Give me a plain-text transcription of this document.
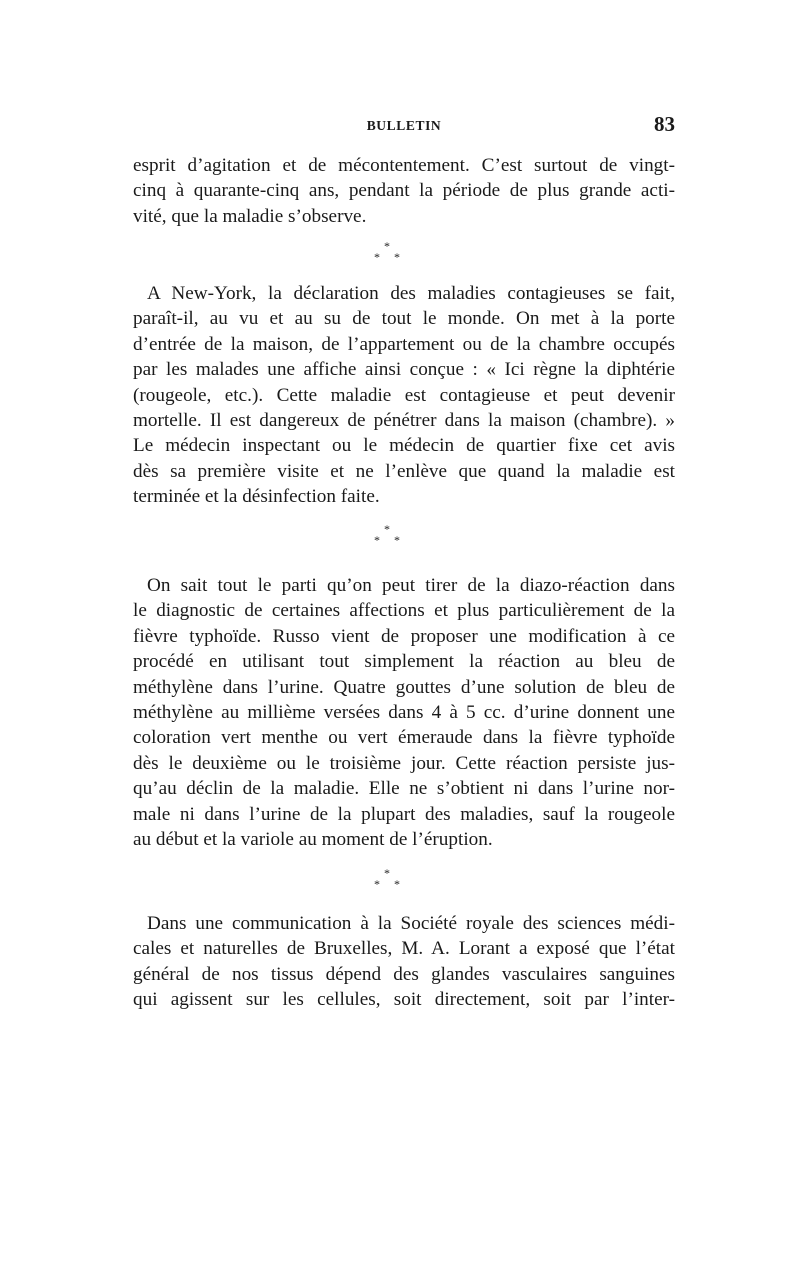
BULLETIN	83
esprit d’agitation et de mécontentement. C’est surtout de vingt-
cinq à quarante-cinq ans, pendant la période de plus grande acti-
vité, que la maladie s’observe.
*
* *
A New-York, la déclaration des maladies contagieuses se fait,
paraît-il, au vu et au su de tout le monde. On met à la porte
d’entrée de la maison, de l’appartement ou de la chambre occupés
par les malades une affiche ainsi conçue : « Ici règne la diphtérie
(rougeole, etc.). Cette maladie est contagieuse et peut devenir
mortelle. Il est dangereux de pénétrer dans la maison (chambre). »
Le médecin inspectant ou le médecin de quartier fixe cet avis
dès sa première visite et ne l’enlève que quand la maladie est
terminée et la désinfection faite.
*
* *
On sait tout le parti qu’on peut tirer de la diazo-réaction dans
le diagnostic de certaines affections et plus particulièrement de la
fièvre typhoïde. Russo vient de proposer une modification à ce
procédé en utilisant tout simplement la réaction au bleu de
méthylène dans l’urine. Quatre gouttes d’une solution de bleu de
méthylène au millième versées dans 4 à 5 cc. d’urine donnent une
coloration vert menthe ou vert émeraude dans la fièvre typhoïde
dès le deuxième ou le troisième jour. Cette réaction persiste jus-
qu’au déclin de la maladie. Elle ne s’obtient ni dans l’urine nor-
male ni dans l’urine de la plupart des maladies, sauf la rougeole
au début et la variole au moment de l’éruption.
*
* *
Dans une communication à la Société royale des sciences médi-
cales et naturelles de Bruxelles, M. A. Lorant a exposé que l’état
général de nos tissus dépend des glandes vasculaires sanguines
qui agissent sur les cellules, soit directement, soit par l’inter-
